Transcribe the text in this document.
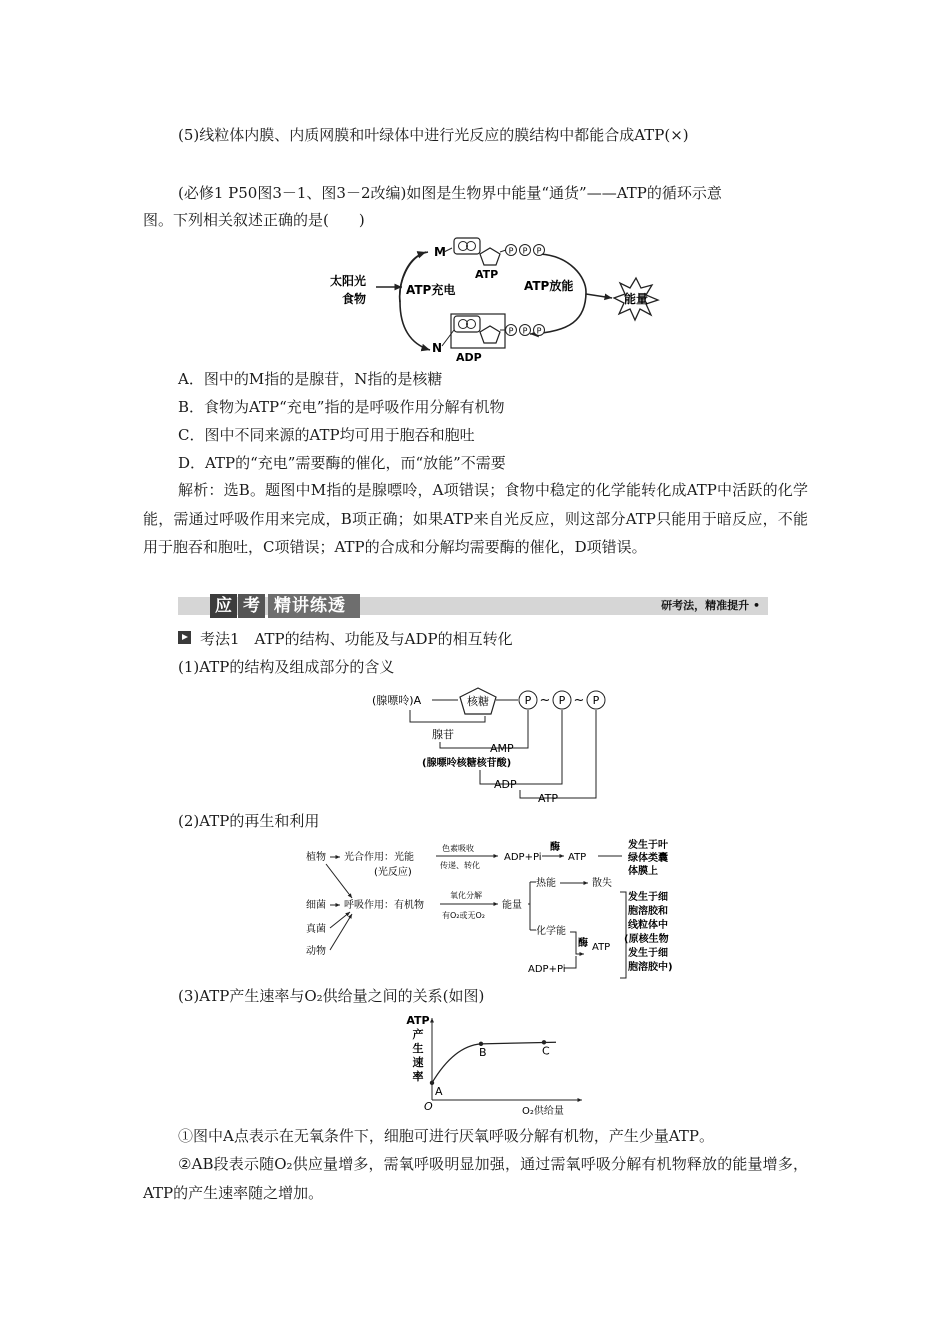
(5)线粒体内膜、内质网膜和叶绿体中进行光反应的膜结构中都能合成ATP(×)
(必修1 P50图3－1、图3－2改编)如图是生物界中能量“通货”——ATP的循环示意
图。下列相关叙述正确的是(　　)
能量
太阳光
食物
ATP充电	ATP放能
M	P P P
ATP
P P P
N
ADP
A．图中的M指的是腺苷，N指的是核糖
B．食物为ATP“充电”指的是呼吸作用分解有机物
C．图中不同来源的ATP均可用于胞吞和胞吐
D．ATP的“充电”需要酶的催化，而“放能”不需要
解析：选B。题图中M指的是腺嘌呤，A项错误；食物中稳定的化学能转化成ATP中活跃的化学能，需通过呼吸作用来完成，B项正确；如果ATP来自光反应，则这部分ATP只能用于暗反应，不能用于胞吞和胞吐，C项错误；ATP的合成和分解均需要酶的催化，D项错误。
应 考 精讲练透	研考法，精准提升 •
考法1　ATP的结构、功能及与ADP的相互转化
(1)ATP的结构及组成部分的含义
(腺嘌呤)A	核糖	P ~ P ~ P
腺苷
AMP
(腺嘌呤核糖核苷酸)
ADP
ATP
(2)ATP的再生和利用
植物
细菌
真菌
动物
光合作用：光能
(光反应)
色素吸收
传递、转化
ADP+Pi
酶
ATP
发生于叶
绿体类囊
体膜上
呼吸作用：有机物
氧化分解
有O₂或无O₂
能量
热能	散失
化学能
酶 ATP
ADP+Pi
发生于细
胞溶胶和
线粒体中
(原核生物
发生于细
胞溶胶中)
(3)ATP产生速率与O₂供给量之间的关系(如图)
ATP
产
生
速
率
O	O₂供给量
A
B	C
①图中A点表示在无氧条件下，细胞可进行厌氧呼吸分解有机物，产生少量ATP。
②AB段表示随O₂供应量增多，需氧呼吸明显加强，通过需氧呼吸分解有机物释放的能量增多，ATP的产生速率随之增加。
